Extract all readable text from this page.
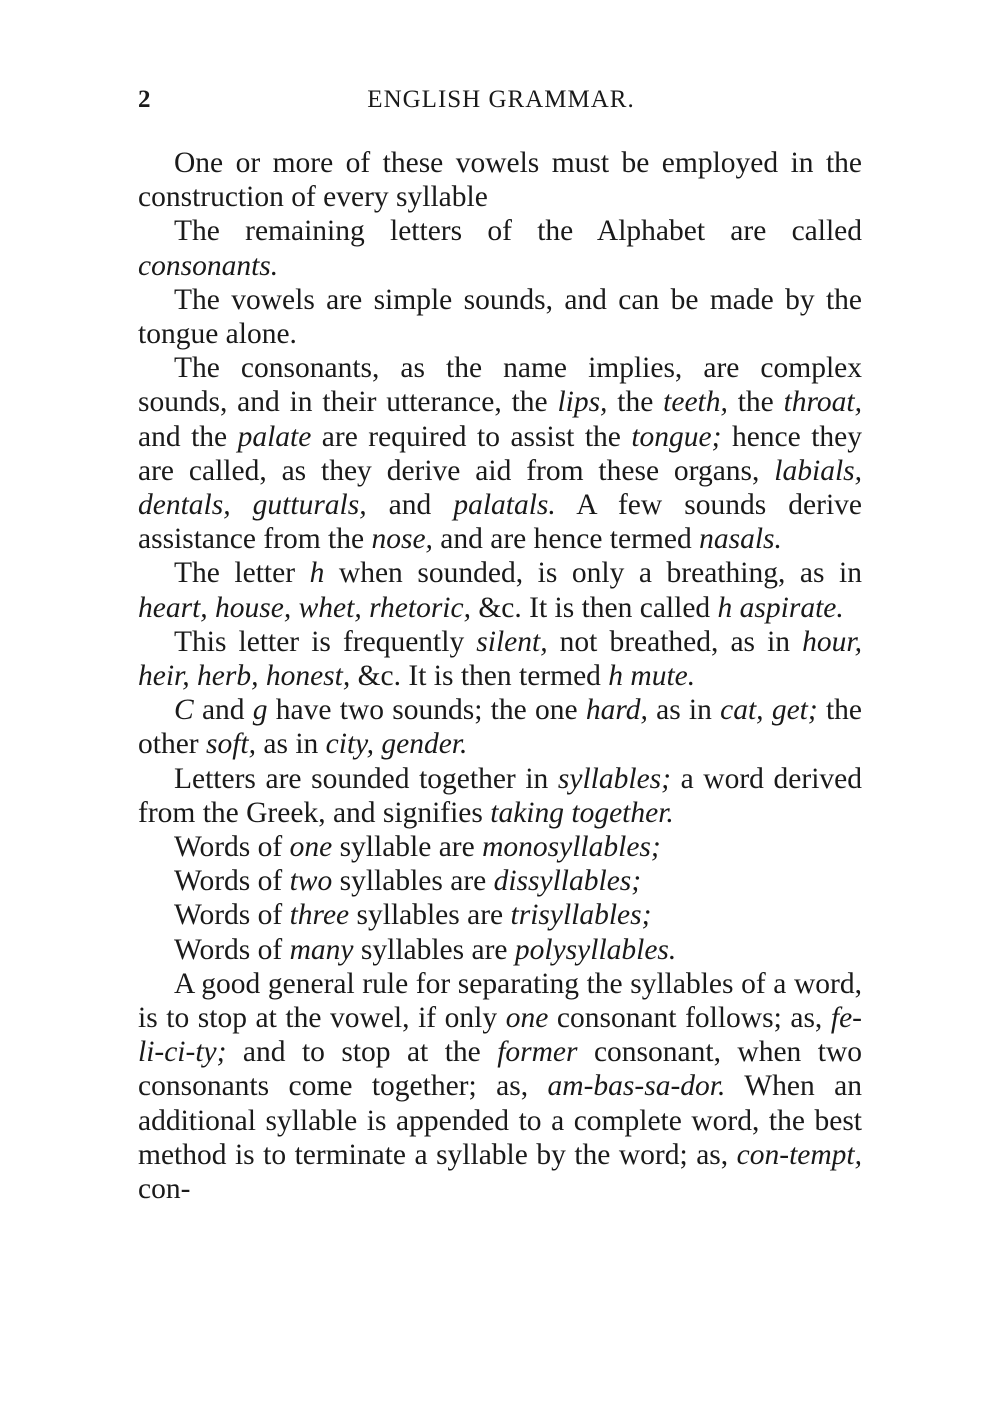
2	ENGLISH GRAMMAR.

One or more of these vowels must be employed in the construction of every syllable

The remaining letters of the Alphabet are called consonants.

The vowels are simple sounds, and can be made by the tongue alone.

The consonants, as the name implies, are complex sounds, and in their utterance, the lips, the teeth, the throat, and the palate are required to assist the tongue; hence they are called, as they derive aid from these organs, labials, dentals, gutturals, and palatals. A few sounds derive assistance from the nose, and are hence termed nasals.

The letter h when sounded, is only a breathing, as in heart, house, whet, rhetoric, &c. It is then called h aspirate.

This letter is frequently silent, not breathed, as in hour, heir, herb, honest, &c. It is then termed h mute.

C and g have two sounds; the one hard, as in cat, get; the other soft, as in city, gender.

Letters are sounded together in syllables; a word derived from the Greek, and signifies taking together.

Words of one syllable are monosyllables;

Words of two syllables are dissyllables;

Words of three syllables are trisyllables;

Words of many syllables are polysyllables.

A good general rule for separating the syllables of a word, is to stop at the vowel, if only one consonant follows; as, fe-li-ci-ty; and to stop at the former consonant, when two consonants come together; as, am-bas-sa-dor. When an additional syllable is appended to a complete word, the best method is to terminate a syllable by the word; as, con-tempt, con-
